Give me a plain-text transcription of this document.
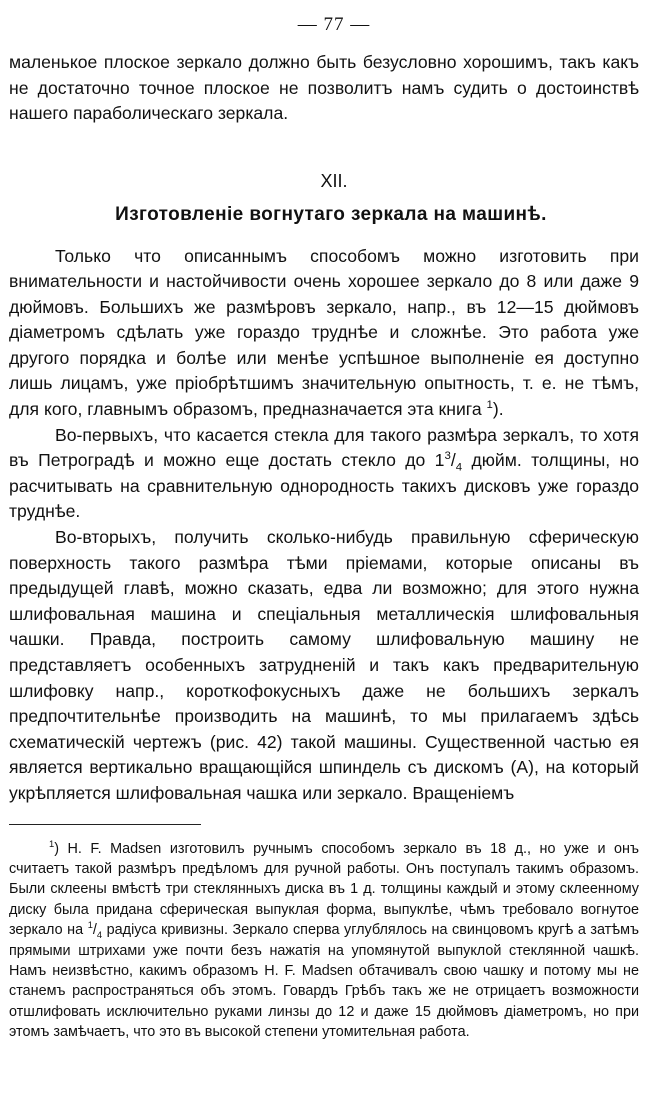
— 77 —

маленькое плоское зеркало должно быть безусловно хорошимъ, такъ какъ не достаточно точное плоское не позволитъ намъ судить о достоинствѣ нашего параболическаго зеркала.

XII.
Изготовленіе вогнутаго зеркала на машинѣ.

Только что описаннымъ способомъ можно изготовить при внимательности и настойчивости очень хорошее зеркало до 8 или даже 9 дюймовъ. Большихъ же размѣровъ зеркало, напр., въ 12—15 дюймовъ діаметромъ сдѣлать уже гораздо труднѣе и сложнѣе. Это работа уже другого порядка и болѣе или менѣе успѣшное выполненіе ея доступно лишь лицамъ, уже пріобрѣтшимъ значительную опытность, т. е. не тѣмъ, для кого, главнымъ образомъ, предназначается эта книга $^1$).

Во-первыхъ, что касается стекла для такого размѣра зеркалъ, то хотя въ Петроградѣ и можно еще достать стекло до $1^3/_4$ дюйм. толщины, но расчитывать на сравнительную однородность такихъ дисковъ уже гораздо труднѣе.

Во-вторыхъ, получить сколько-нибудь правильную сферическую поверхность такого размѣра тѣми пріемами, которые описаны въ предыдущей главѣ, можно сказать, едва ли возможно; для этого нужна шлифовальная машина и спеціальныя металлическія шлифовальныя чашки. Правда, построить самому шлифовальную машину не представляетъ особенныхъ затрудненій и такъ какъ предварительную шлифовку напр., короткофокусныхъ даже не большихъ зеркалъ предпочтительнѣе производить на машинѣ, то мы прилагаемъ здѣсь схематическій чертежъ (рис. 42) такой машины. Существенной частью ея является вертикально вращающійся шпиндель съ дискомъ (А), на который укрѣпляется шлифовальная чашка или зеркало. Вращеніемъ

$^1$) H. F. Madsen изготовилъ ручнымъ способомъ зеркало въ 18 д., но уже и онъ считаетъ такой размѣръ предѣломъ для ручной работы. Онъ поступалъ такимъ образомъ. Были склеены вмѣстѣ три стеклянныхъ диска въ 1 д. толщины каждый и этому склеенному диску была придана сферическая выпуклая форма, выпуклѣе, чѣмъ требовало вогнутое зеркало на $^1/_4$ радіуса кривизны. Зеркало сперва углублялось на свинцовомъ кругѣ а затѣмъ прямыми штрихами уже почти безъ нажатія на упомянутой выпуклой стеклянной чашкѣ. Намъ неизвѣстно, какимъ образомъ Н. F. Madsen обтачивалъ свою чашку и потому мы не станемъ распространяться объ этомъ. Говардъ Грѣбъ такъ же не отрицаетъ возможности отшлифовать исключительно руками линзы до 12 и даже 15 дюймовъ діаметромъ, но при этомъ замѣчаетъ, что это въ высокой степени утомительная работа.
